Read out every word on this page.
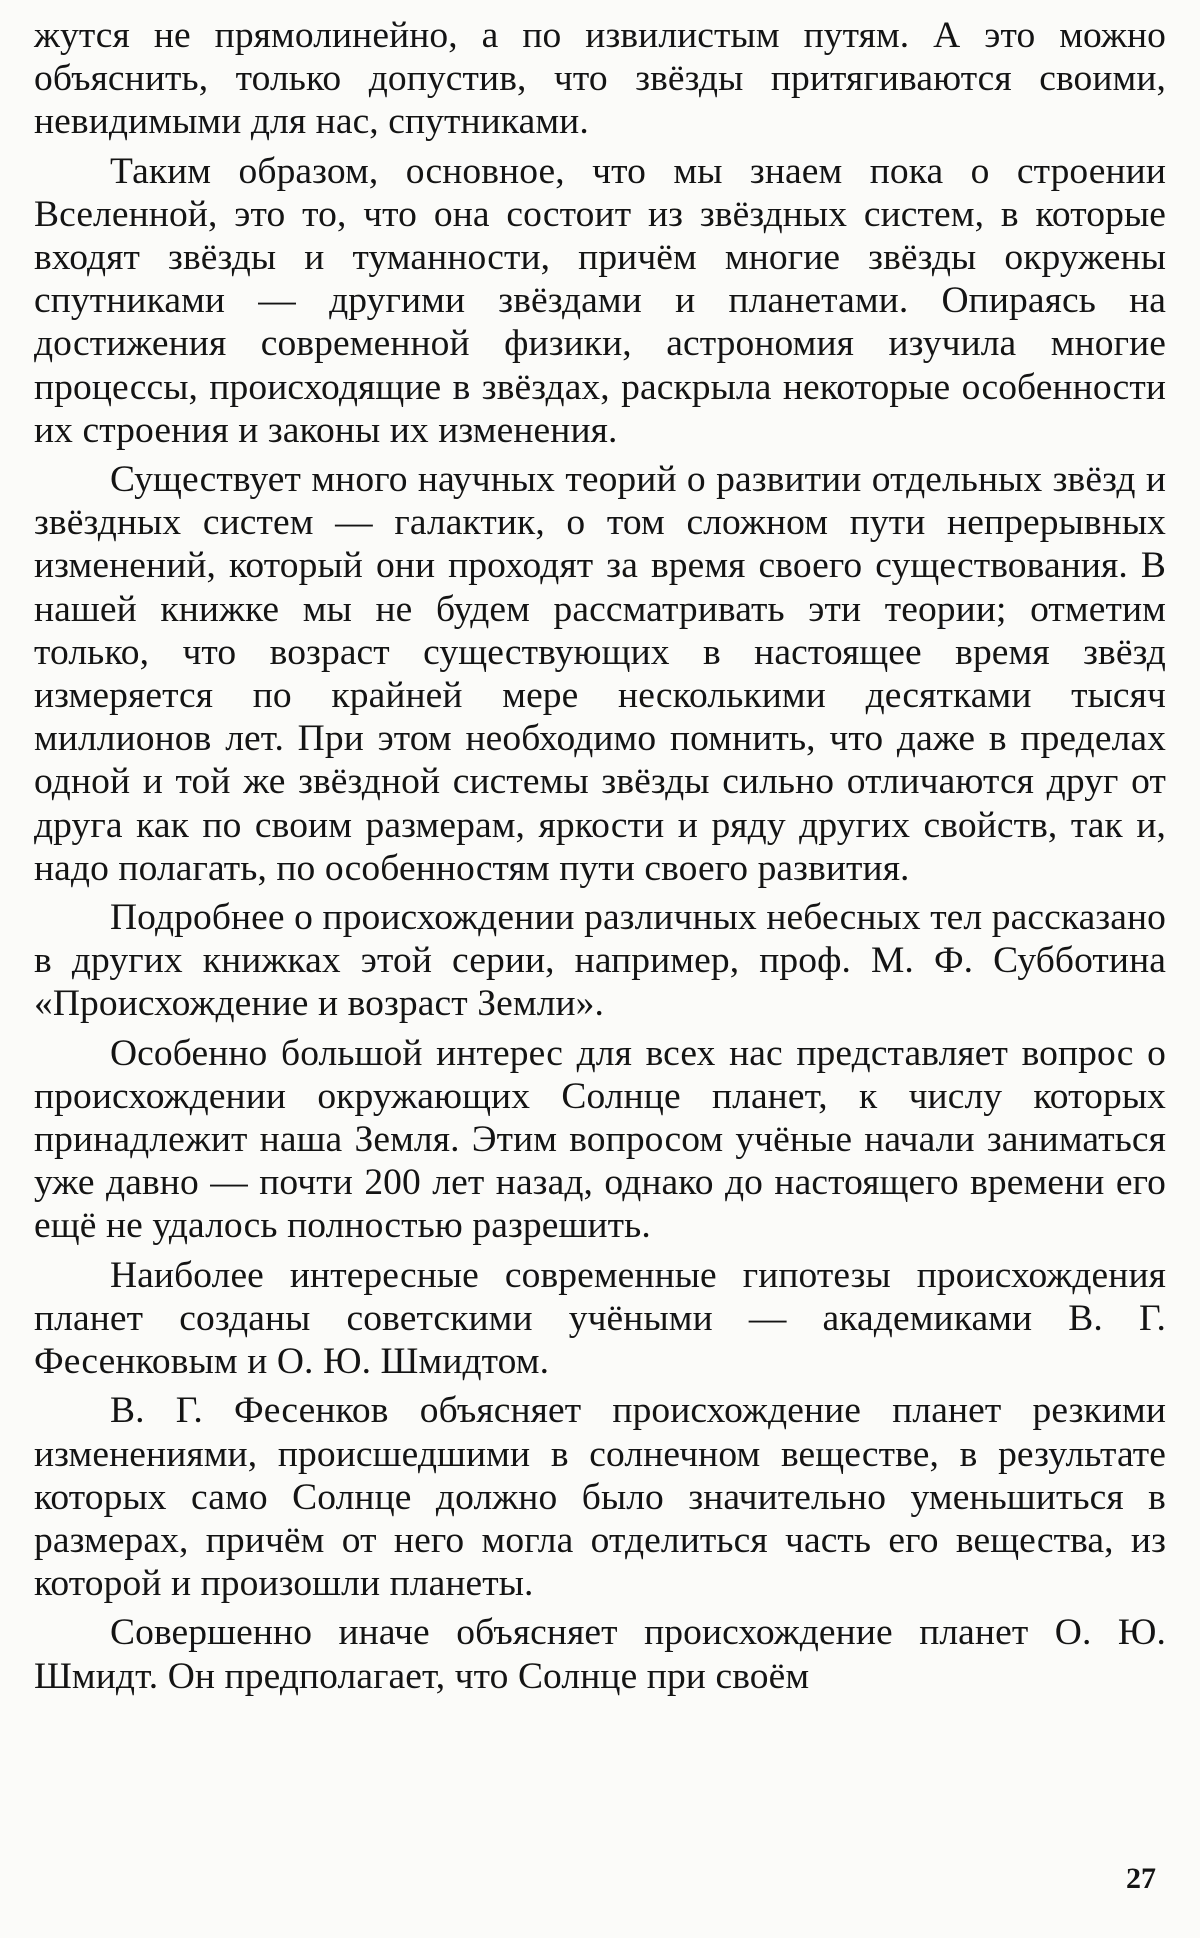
жутся не прямолинейно, а по извилистым путям. А это можно объяснить, только допустив, что звёзды притягиваются своими, невидимыми для нас, спутниками.

Таким образом, основное, что мы знаем пока о строении Вселенной, это то, что она состоит из звёздных систем, в которые входят звёзды и туманности, причём многие звёзды окружены спутниками — другими звёздами и планетами. Опираясь на достижения современной физики, астрономия изучила многие процессы, происходящие в звёздах, раскрыла некоторые особенности их строения и законы их изменения.

Существует много научных теорий о развитии отдельных звёзд и звёздных систем — галактик, о том сложном пути непрерывных изменений, который они проходят за время своего существования. В нашей книжке мы не будем рассматривать эти теории; отметим только, что возраст существующих в настоящее время звёзд измеряется по крайней мере несколькими десятками тысяч миллионов лет. При этом необходимо помнить, что даже в пределах одной и той же звёздной системы звёзды сильно отличаются друг от друга как по своим размерам, яркости и ряду других свойств, так и, надо полагать, по особенностям пути своего развития.

Подробнее о происхождении различных небесных тел рассказано в других книжках этой серии, например, проф. М. Ф. Субботина «Происхождение и возраст Земли».

Особенно большой интерес для всех нас представляет вопрос о происхождении окружающих Солнце планет, к числу которых принадлежит наша Земля. Этим вопросом учёные начали заниматься уже давно — почти 200 лет назад, однако до настоящего времени его ещё не удалось полностью разрешить.

Наиболее интересные современные гипотезы происхождения планет созданы советскими учёными — академиками В. Г. Фесенковым и О. Ю. Шмидтом.

В. Г. Фесенков объясняет происхождение планет резкими изменениями, происшедшими в солнечном веществе, в результате которых само Солнце должно было значительно уменьшиться в размерах, причём от него могла отделиться часть его вещества, из которой и произошли планеты.

Совершенно иначе объясняет происхождение планет О. Ю. Шмидт. Он предполагает, что Солнце при своём

27
